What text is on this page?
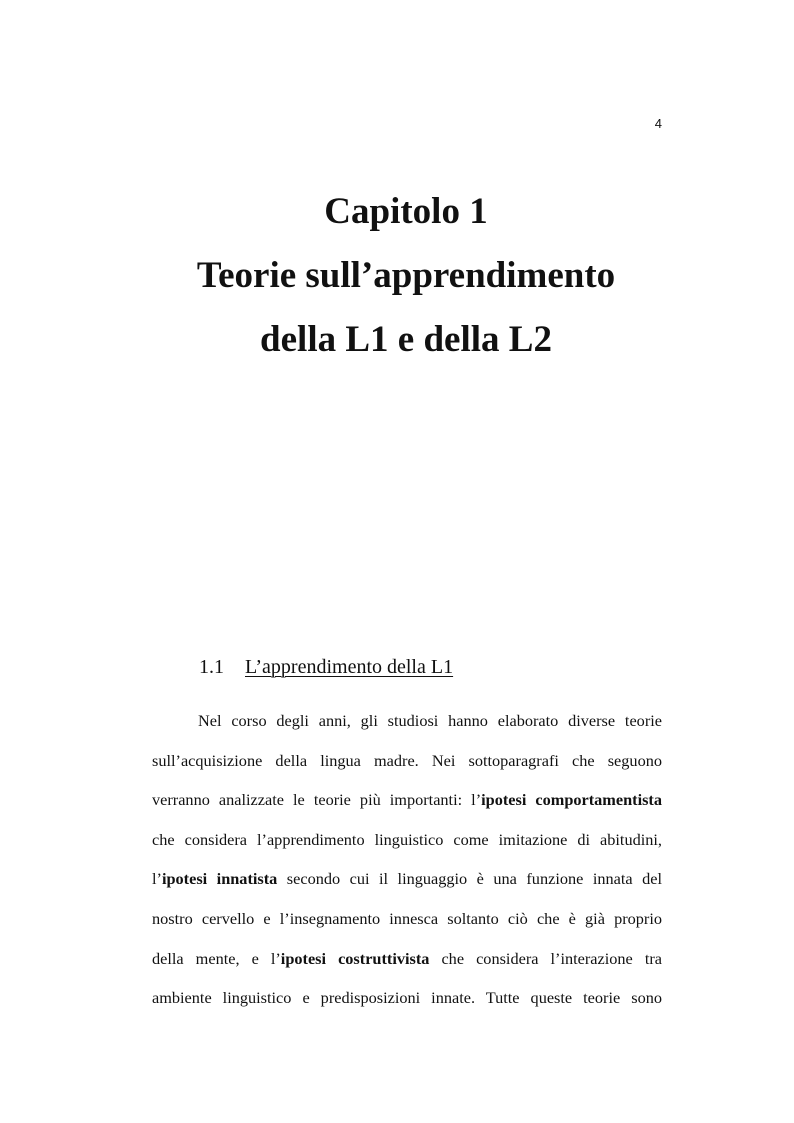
4
Capitolo 1
Teorie sull’apprendimento
della L1 e della L2
1.1 L’apprendimento della L1
Nel corso degli anni, gli studiosi hanno elaborato diverse teorie
sull’acquisizione della lingua madre. Nei sottoparagrafi che seguono
verranno analizzate le teorie più importanti: l’ipotesi comportamentista
che considera l’apprendimento linguistico come imitazione di abitudini,
l’ipotesi innatista secondo cui il linguaggio è una funzione innata del
nostro cervello e l’insegnamento innesca soltanto ciò che è già proprio
della mente, e l’ipotesi costruttivista che considera l’interazione tra
ambiente linguistico e predisposizioni innate. Tutte queste teorie sono
